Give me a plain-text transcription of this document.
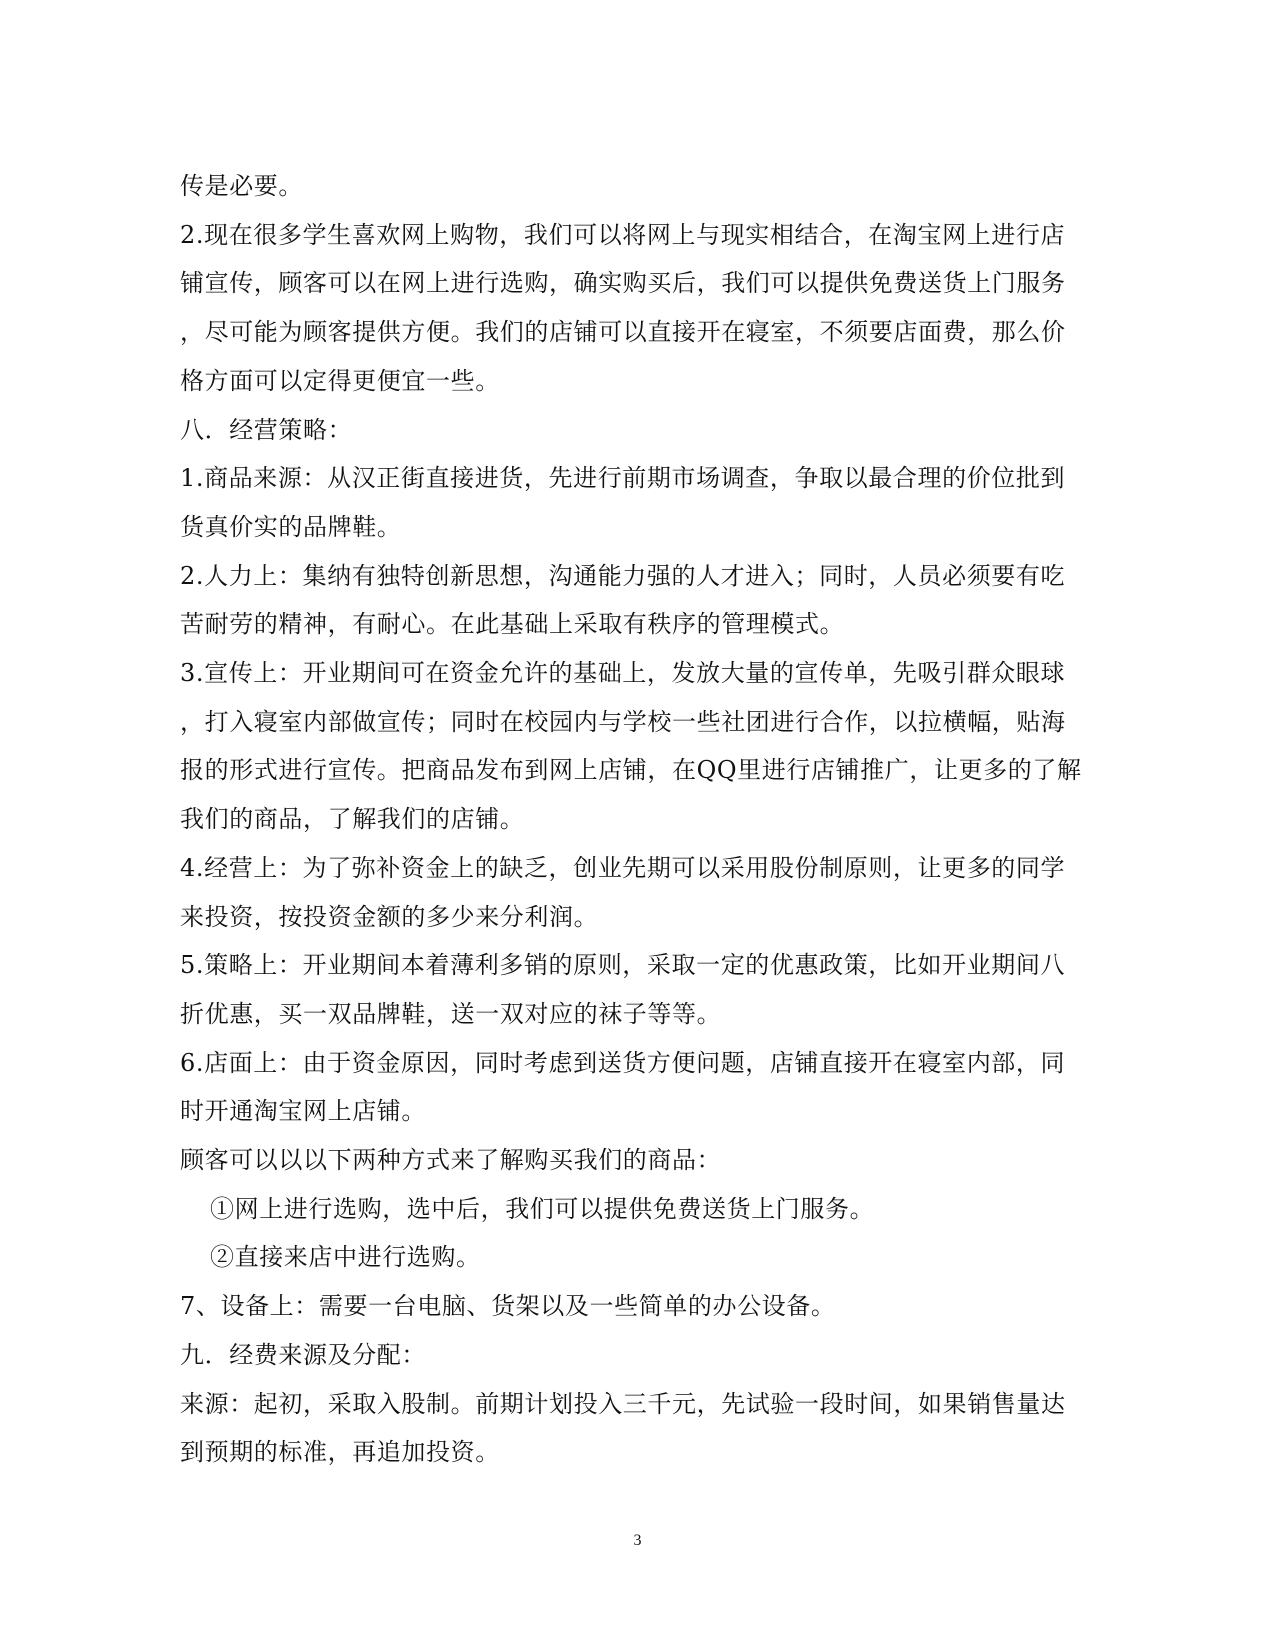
传是必要。
2.现在很多学生喜欢网上购物，我们可以将网上与现实相结合，在淘宝网上进行店
铺宣传，顾客可以在网上进行选购，确实购买后，我们可以提供免费送货上门服务
，尽可能为顾客提供方便。我们的店铺可以直接开在寝室，不须要店面费，那么价
格方面可以定得更便宜一些。
八．经营策略：
1.商品来源：从汉正街直接进货，先进行前期市场调查，争取以最合理的价位批到
货真价实的品牌鞋。
2.人力上：集纳有独特创新思想，沟通能力强的人才进入；同时，人员必须要有吃
苦耐劳的精神，有耐心。在此基础上采取有秩序的管理模式。
3.宣传上：开业期间可在资金允许的基础上，发放大量的宣传单，先吸引群众眼球
，打入寝室内部做宣传；同时在校园内与学校一些社团进行合作，以拉横幅，贴海
报的形式进行宣传。把商品发布到网上店铺，在QQ里进行店铺推广，让更多的了解
我们的商品，了解我们的店铺。
4.经营上：为了弥补资金上的缺乏，创业先期可以采用股份制原则，让更多的同学
来投资，按投资金额的多少来分利润。
5.策略上：开业期间本着薄利多销的原则，采取一定的优惠政策，比如开业期间八
折优惠，买一双品牌鞋，送一双对应的袜子等等。
6.店面上：由于资金原因，同时考虑到送货方便问题，店铺直接开在寝室内部，同
时开通淘宝网上店铺。
顾客可以以以下两种方式来了解购买我们的商品：
①网上进行选购，选中后，我们可以提供免费送货上门服务。
②直接来店中进行选购。
7、设备上：需要一台电脑、货架以及一些简单的办公设备。
九．经费来源及分配：
来源：起初，采取入股制。前期计划投入三千元，先试验一段时间，如果销售量达
到预期的标准，再追加投资。
3
